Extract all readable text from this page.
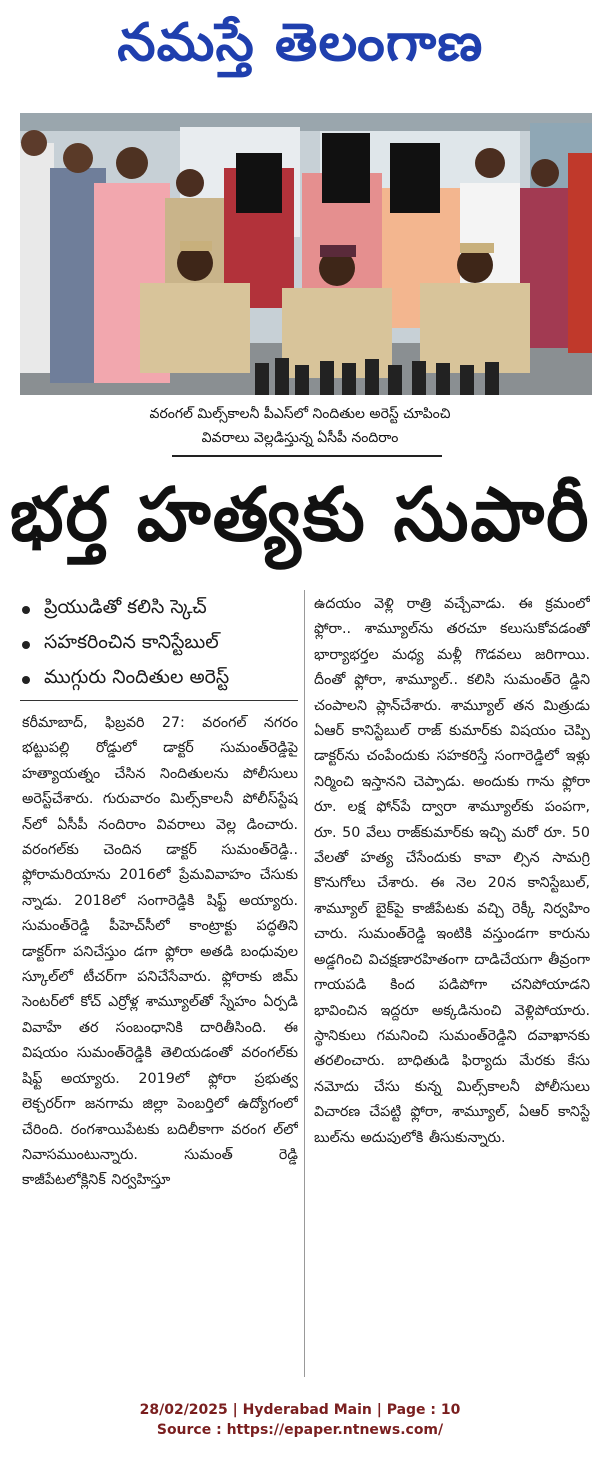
నమస్తే తెలంగాణ
వరంగల్ మిల్స్‌కాలనీ పీఎస్‌లో నిందితుల అరెస్ట్ చూపించి
వివరాలు వెల్లడిస్తున్న ఏసీపీ నందిరాం
భర్త హత్యకు సుపారీ
ప్రియుడితో కలిసి స్కెచ్
సహకరించిన కానిస్టేబుల్
ముగ్గురు నిందితుల అరెస్ట్
కరీమాబాద్, ఫిబ్రవరి 27: వరంగల్ నగరం భట్టుపల్లి రోడ్డులో డాక్టర్ సుమంత్‌రెడ్డిపై హత్యాయత్నం చేసిన నిందితులను పోలీసులు అరెస్ట్‌చేశారు. గురువారం మిల్స్‌కాలనీ పోలీస్‌స్టేష న్‌లో ఏసీపీ నందిరాం వివరాలు వెల్ల డించారు. వరంగల్‌కు చెందిన డాక్టర్ సుమంత్‌రెడ్డి.. ఫ్లోరామరియాను 2016లో ప్రేమవివాహం చేసుకు న్నాడు. 2018లో సంగారెడ్డికి షిఫ్ట్ అయ్యారు. సుమంత్‌రెడ్డి పీహెచ్‌సీలో కాంట్రాక్టు పద్ధతిని డాక్టర్‌గా పనిచేస్తుం డగా ఫ్లోరా అతడి బంధువుల స్కూల్‌లో టీచర్‌గా పనిచేసేవారు. ఫ్లోరాకు జిమ్ సెంటర్‌లో కోచ్ ఎర్రోళ్ల శామ్యూల్‌తో స్నేహం ఏర్పడి వివాహే తర సంబంధానికి దారితీసింది. ఈ విషయం సుమంత్‌రెడ్డికి తెలియడంతో వరంగల్‌కు షిఫ్ట్ అయ్యారు. 2019లో ఫ్లోరా ప్రభుత్వ లెక్చరర్‌గా జనగామ జిల్లా పెంబర్తిలో ఉద్యోగంలో చేరింది. రంగశాయిపేటకు బదిలీకాగా వరంగ ల్‌లో నివాసముంటున్నారు. సుమంత్ రెడ్డి కాజీపేటలోక్లినిక్ నిర్వహిస్తూ
ఉదయం వెళ్లి రాత్రి వచ్చేవాడు. ఈ క్రమంలో ఫ్లోరా.. శామ్యూల్‌ను తరచూ కలుసుకోవడంతో భార్యాభర్తల మధ్య మళ్లీ గొడవలు జరిగాయి. దీంతో ఫ్లోరా, శామ్యూల్.. కలిసి సుమంత్‌రె డ్డిని చంపాలని ప్లాన్‌చేశారు. శామ్యూల్ తన మిత్రుడు ఏఆర్ కానిస్టేబుల్ రాజ్ కుమార్‌కు విషయం చెప్పి డాక్టర్‌ను చంపేందుకు సహకరిస్తే సంగారెడ్డిలో ఇళ్లు నిర్మించి ఇస్తానని చెప్పాడు. అందుకు గాను ఫ్లోరా రూ. లక్ష ఫోన్‌పే ద్వారా శామ్యూల్‌కు పంపగా, రూ. 50 వేలు రాజ్‌కుమార్‌కు ఇచ్చి మరో రూ. 50 వేలతో హత్య చేసేందుకు కావా ల్సిన సామగ్రి కొనుగోలు చేశారు. ఈ నెల 20న కానిస్టేబుల్, శామ్యూల్ బైక్‌పై కాజీపేటకు వచ్చి రెక్కీ నిర్వహిం చారు. సుమంత్‌రెడ్డి ఇంటికి వస్తుండగా కారును అడ్డగించి విచక్షణారహితంగా దాడిచేయగా తీవ్రంగా గాయపడి కింద పడిపోగా చనిపోయాడని భావించిన ఇద్దరూ అక్కడినుంచి వెళ్లిపోయారు. స్థానికులు గమనించి సుమంత్‌రెడ్డిని దవాఖానకు తరలించారు. బాధితుడి ఫిర్యాదు మేరకు కేసు నమోదు చేసు కున్న మిల్స్‌కాలనీ పోలీసులు విచారణ చేపట్టి ఫ్లోరా, శామ్యూల్, ఏఆర్ కానిస్టే బుల్‌ను అదుపులోకి తీసుకున్నారు.
28/02/2025 | Hyderabad Main | Page : 10
Source : https://epaper.ntnews.com/
